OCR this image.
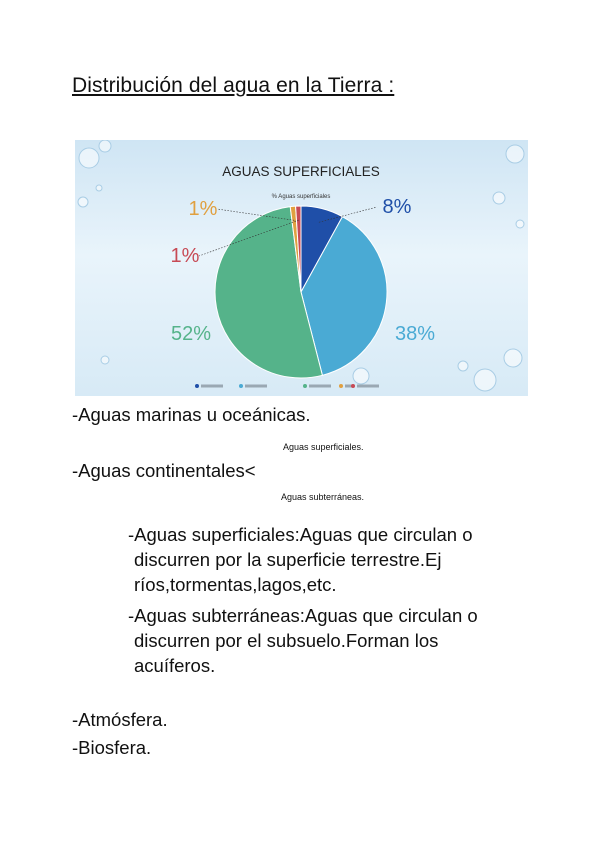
Distribución del agua en la Tierra :
AGUAS SUPERFICIALES
% Aguas superficiales	8%
38%
52%
1%
1%

-Aguas marinas u oceánicas.

Aguas superficiales.

-Aguas continentales<

Aguas subterráneas.

-Aguas superficiales:Aguas que circulan o
discurren por la superficie terrestre.Ej
ríos,tormentas,lagos,etc.
-Aguas subterráneas:Aguas que circulan o
discurren por el subsuelo.Forman los
acuíferos.

-Atmósfera.

-Biosfera.
